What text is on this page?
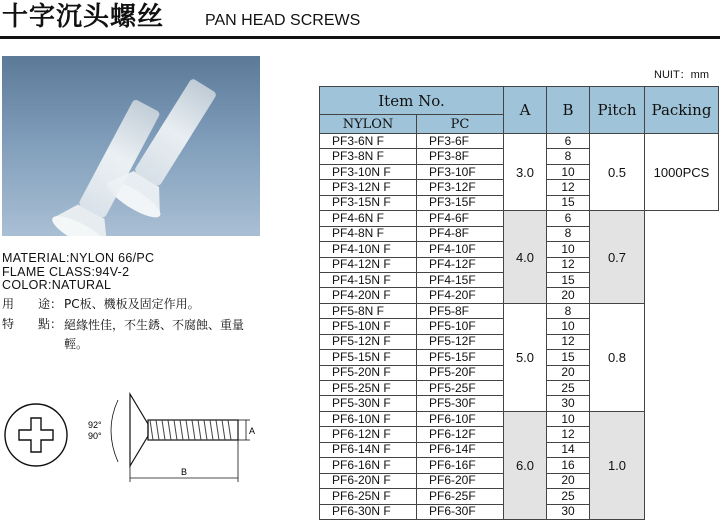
十字沉头螺丝	PAN HEAD SCREWS
MATERIAL:NYLON 66/PC
FLAME CLASS:94V-2
COLOR:NATURAL
用　　途： PC板、機板及固定作用。
特　　點： 絕緣性佳，不生銹、不腐蝕、重量輕。
92°
90°	A
B
NUIT：mm
Item No.		A	B	Pitch	Packing
NYLON	PC				
PF3-6N F	PF3-6F	3.0	6	0.5	1000PCS
PF3-8N F	PF3-8F		8		
PF3-10N F	PF3-10F		10		
PF3-12N F	PF3-12F		12		
PF3-15N F	PF3-15F		15		
PF4-6N F	PF4-6F	4.0	6	0.7	
PF4-8N F	PF4-8F		8		
PF4-10N F	PF4-10F		10		
PF4-12N F	PF4-12F		12		
PF4-15N F	PF4-15F		15		
PF4-20N F	PF4-20F		20		
PF5-8N F	PF5-8F	5.0	8	0.8	
PF5-10N F	PF5-10F		10		
PF5-12N F	PF5-12F		12		
PF5-15N F	PF5-15F		15		
PF5-20N F	PF5-20F		20		
PF5-25N F	PF5-25F		25		
PF5-30N F	PF5-30F		30		
PF6-10N F	PF6-10F	6.0	10	1.0	
PF6-12N F	PF6-12F		12		
PF6-14N F	PF6-14F		14		
PF6-16N F	PF6-16F		16		
PF6-20N F	PF6-20F		20		
PF6-25N F	PF6-25F		25		
PF6-30N F	PF6-30F		30		
